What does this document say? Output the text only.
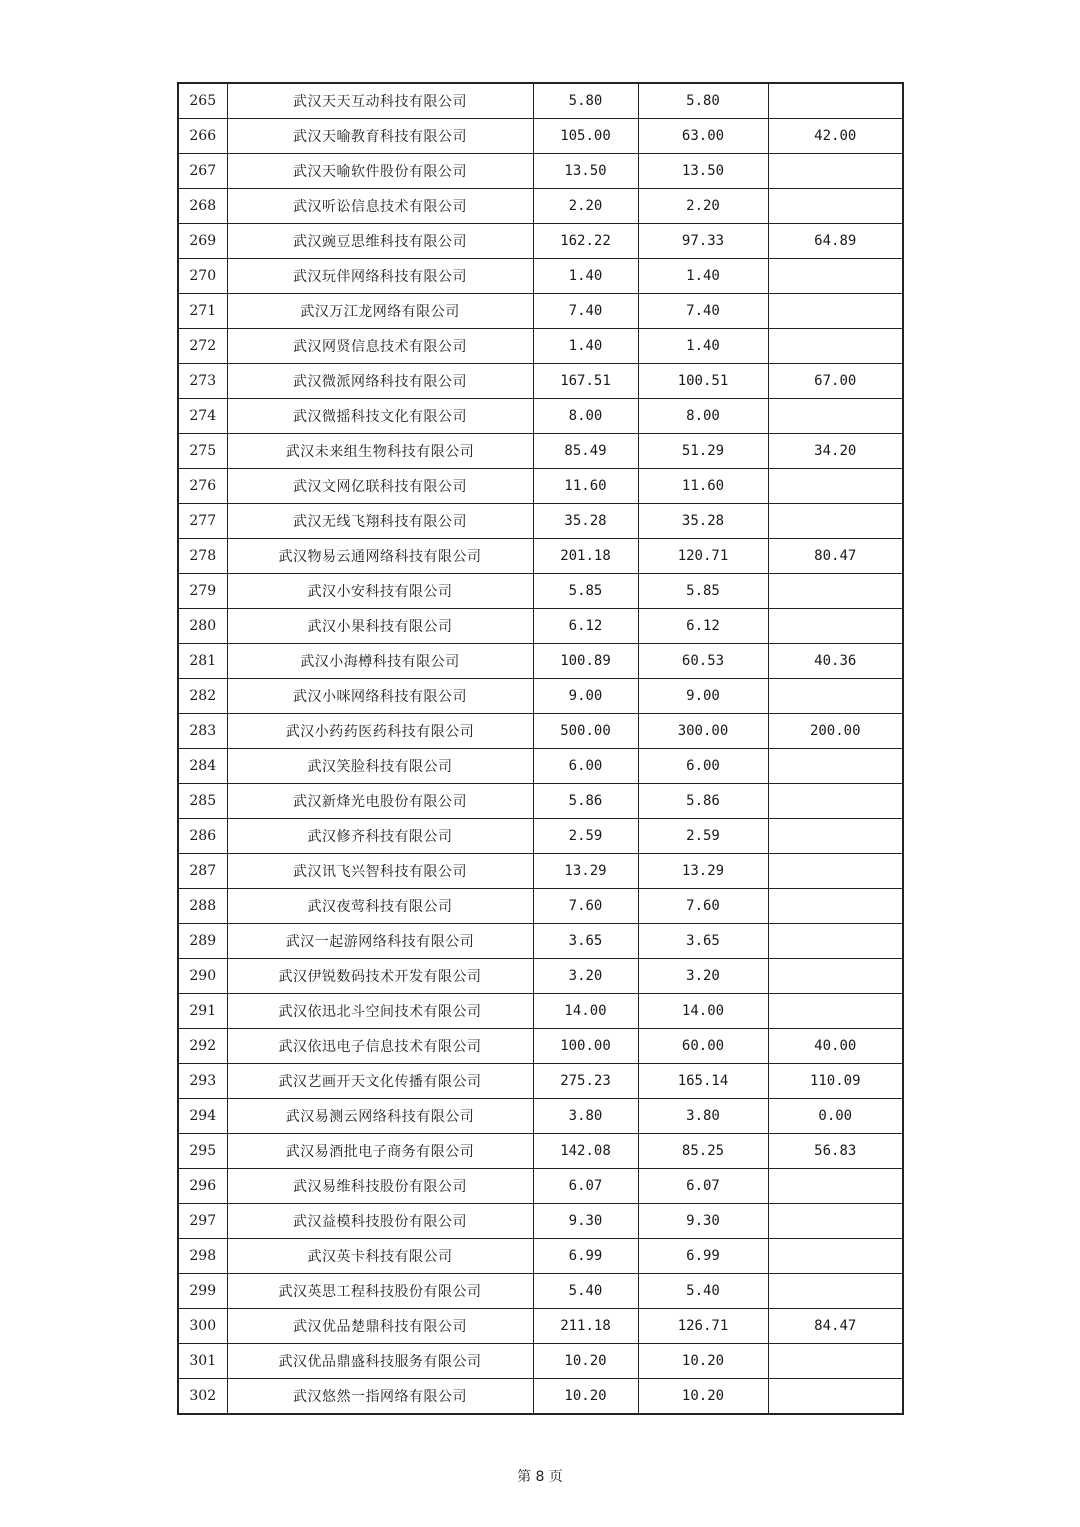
265	武汉天天互动科技有限公司	5.80	5.80	
266	武汉天喻教育科技有限公司	105.00	63.00	42.00
267	武汉天喻软件股份有限公司	13.50	13.50	
268	武汉听讼信息技术有限公司	2.20	2.20	
269	武汉豌豆思维科技有限公司	162.22	97.33	64.89
270	武汉玩伴网络科技有限公司	1.40	1.40	
271	武汉万江龙网络有限公司	7.40	7.40	
272	武汉网贤信息技术有限公司	1.40	1.40	
273	武汉微派网络科技有限公司	167.51	100.51	67.00
274	武汉微摇科技文化有限公司	8.00	8.00	
275	武汉未来组生物科技有限公司	85.49	51.29	34.20
276	武汉文网亿联科技有限公司	11.60	11.60	
277	武汉无线飞翔科技有限公司	35.28	35.28	
278	武汉物易云通网络科技有限公司	201.18	120.71	80.47
279	武汉小安科技有限公司	5.85	5.85	
280	武汉小果科技有限公司	6.12	6.12	
281	武汉小海樽科技有限公司	100.89	60.53	40.36
282	武汉小咪网络科技有限公司	9.00	9.00	
283	武汉小药药医药科技有限公司	500.00	300.00	200.00
284	武汉笑脸科技有限公司	6.00	6.00	
285	武汉新烽光电股份有限公司	5.86	5.86	
286	武汉修齐科技有限公司	2.59	2.59	
287	武汉讯飞兴智科技有限公司	13.29	13.29	
288	武汉夜莺科技有限公司	7.60	7.60	
289	武汉一起游网络科技有限公司	3.65	3.65	
290	武汉伊锐数码技术开发有限公司	3.20	3.20	
291	武汉依迅北斗空间技术有限公司	14.00	14.00	
292	武汉依迅电子信息技术有限公司	100.00	60.00	40.00
293	武汉艺画开天文化传播有限公司	275.23	165.14	110.09
294	武汉易测云网络科技有限公司	3.80	3.80	0.00
295	武汉易酒批电子商务有限公司	142.08	85.25	56.83
296	武汉易维科技股份有限公司	6.07	6.07	
297	武汉益模科技股份有限公司	9.30	9.30	
298	武汉英卡科技有限公司	6.99	6.99	
299	武汉英思工程科技股份有限公司	5.40	5.40	
300	武汉优品楚鼎科技有限公司	211.18	126.71	84.47
301	武汉优品鼎盛科技服务有限公司	10.20	10.20	
302	武汉悠然一指网络有限公司	10.20	10.20	
第 8 页
